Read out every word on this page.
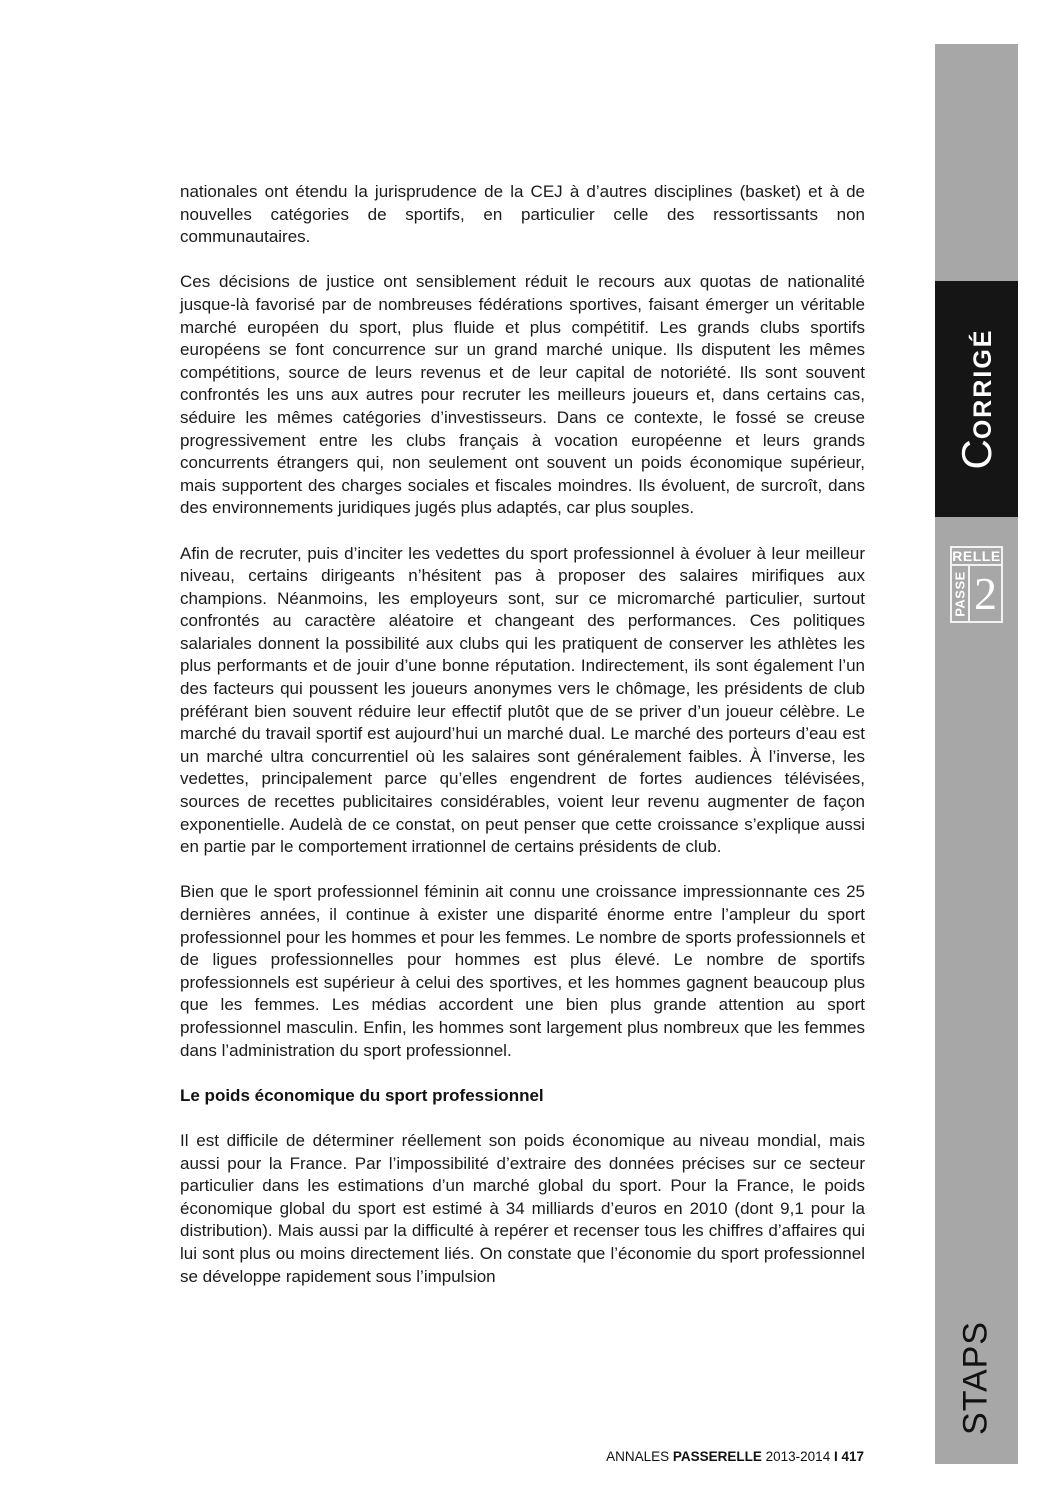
nationales ont étendu la jurisprudence de la CEJ à d’autres disciplines (basket) et à de nouvelles catégories de sportifs, en particulier celle des ressortissants non communautaires.

Ces décisions de justice ont sensiblement réduit le recours aux quotas de nationalité jusque-là favorisé par de nombreuses fédérations sportives, faisant émerger un véritable marché européen du sport, plus fluide et plus compétitif. Les grands clubs sportifs européens se font concurrence sur un grand marché unique. Ils disputent les mêmes compétitions, source de leurs revenus et de leur capital de notoriété. Ils sont souvent confrontés les uns aux autres pour recruter les meilleurs joueurs et, dans certains cas, séduire les mêmes catégories d’investisseurs. Dans ce contexte, le fossé se creuse progressivement entre les clubs français à vocation européenne et leurs grands concurrents étrangers qui, non seulement ont souvent un poids économique supérieur, mais supportent des charges sociales et fiscales moindres. Ils évoluent, de surcroît, dans des environnements juridiques jugés plus adaptés, car plus souples.

Afin de recruter, puis d’inciter les vedettes du sport professionnel à évoluer à leur meilleur niveau, certains dirigeants n’hésitent pas à proposer des salaires mirifiques aux champions. Néanmoins, les employeurs sont, sur ce micromarché particulier, surtout confrontés au caractère aléatoire et changeant des performances. Ces politiques salariales donnent la possibilité aux clubs qui les pratiquent de conserver les athlètes les plus performants et de jouir d’une bonne réputation. Indirectement, ils sont également l’un des facteurs qui poussent les joueurs anonymes vers le chômage, les présidents de club préférant bien souvent réduire leur effectif plutôt que de se priver d’un joueur célèbre. Le marché du travail sportif est aujourd’hui un marché dual. Le marché des porteurs d’eau est un marché ultra concurrentiel où les salaires sont généralement faibles. À l’inverse, les vedettes, principalement parce qu’elles engendrent de fortes audiences télévisées, sources de recettes publicitaires considérables, voient leur revenu augmenter de façon exponentielle. Audelà de ce constat, on peut penser que cette croissance s’explique aussi en partie par le comportement irrationnel de certains présidents de club.

Bien que le sport professionnel féminin ait connu une croissance impressionnante ces 25 dernières années, il continue à exister une disparité énorme entre l’ampleur du sport professionnel pour les hommes et pour les femmes. Le nombre de sports professionnels et de ligues professionnelles pour hommes est plus élevé. Le nombre de sportifs professionnels est supérieur à celui des sportives, et les hommes gagnent beaucoup plus que les femmes. Les médias accordent une bien plus grande attention au sport professionnel masculin. Enfin, les hommes sont largement plus nombreux que les femmes dans l’administration du sport professionnel.

Le poids économique du sport professionnel

Il est difficile de déterminer réellement son poids économique au niveau mondial, mais aussi pour la France. Par l’impossibilité d’extraire des données précises sur ce secteur particulier dans les estimations d’un marché global du sport. Pour la France, le poids économique global du sport est estimé à 34 milliards d’euros en 2010 (dont 9,1 pour la distribution). Mais aussi par la difficulté à repérer et recenser tous les chiffres d’affaires qui lui sont plus ou moins directement liés. On constate que l’économie du sport professionnel se développe rapidement sous l’impulsion

ANNALES PASSERELLE 2013-2014 I 417
CORRIGÉ
RELLE
PASSE 2
STAPS
